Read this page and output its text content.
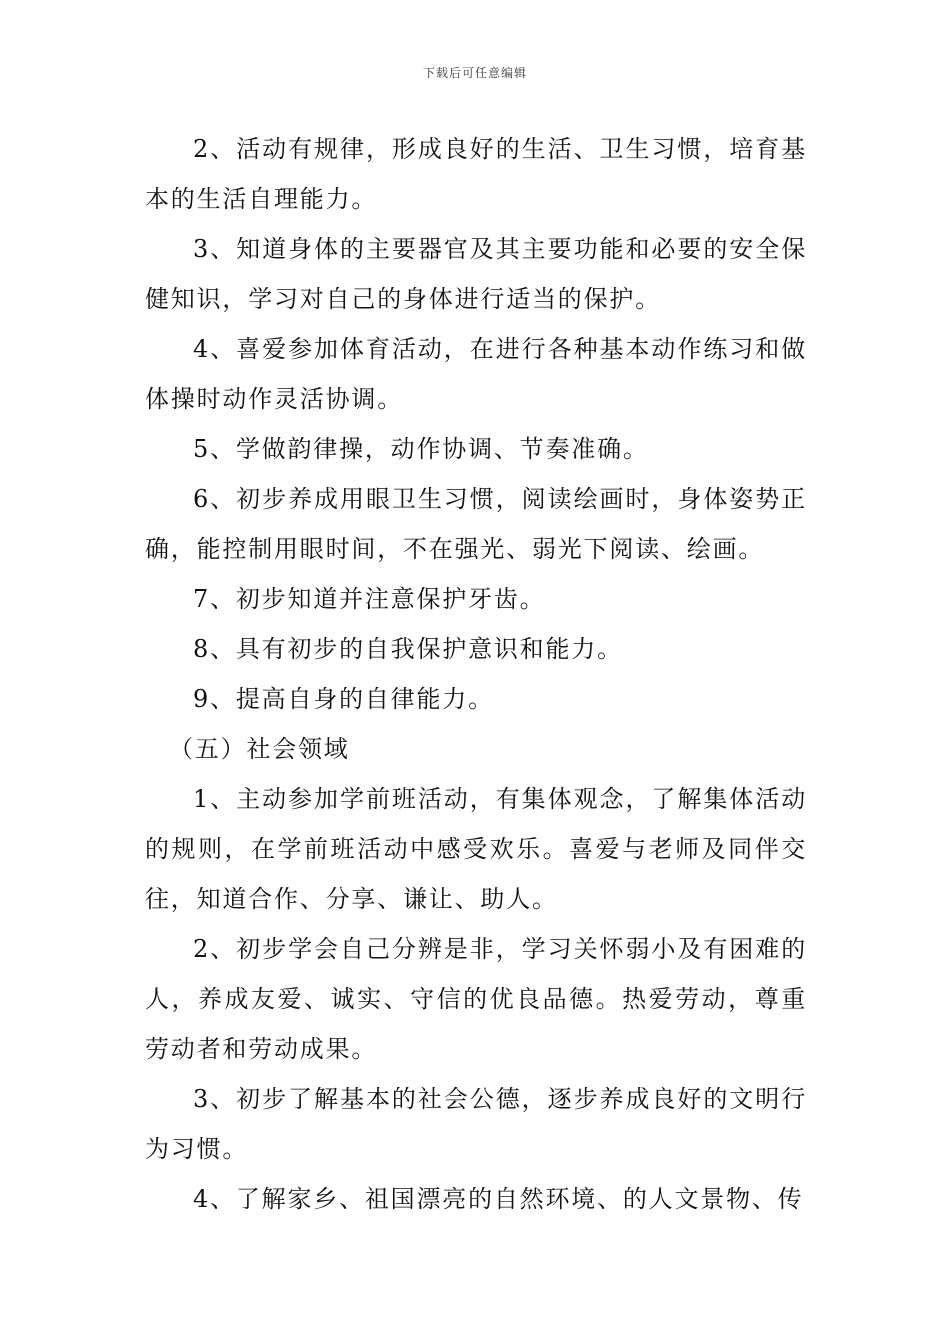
下载后可任意编辑

2、活动有规律，形成良好的生活、卫生习惯，培育基本的生活自理能力。

3、知道身体的主要器官及其主要功能和必要的安全保健知识，学习对自己的身体进行适当的保护。

4、喜爱参加体育活动，在进行各种基本动作练习和做体操时动作灵活协调。

5、学做韵律操，动作协调、节奏准确。

6、初步养成用眼卫生习惯，阅读绘画时，身体姿势正确，能控制用眼时间，不在强光、弱光下阅读、绘画。

7、初步知道并注意保护牙齿。

8、具有初步的自我保护意识和能力。

9、提高自身的自律能力。

（五）社会领域

1、主动参加学前班活动，有集体观念，了解集体活动的规则，在学前班活动中感受欢乐。喜爱与老师及同伴交往，知道合作、分享、谦让、助人。

2、初步学会自己分辨是非，学习关怀弱小及有困难的人，养成友爱、诚实、守信的优良品德。热爱劳动，尊重劳动者和劳动成果。

3、初步了解基本的社会公德，逐步养成良好的文明行为习惯。

4、了解家乡、祖国漂亮的自然环境、的人文景物、传
